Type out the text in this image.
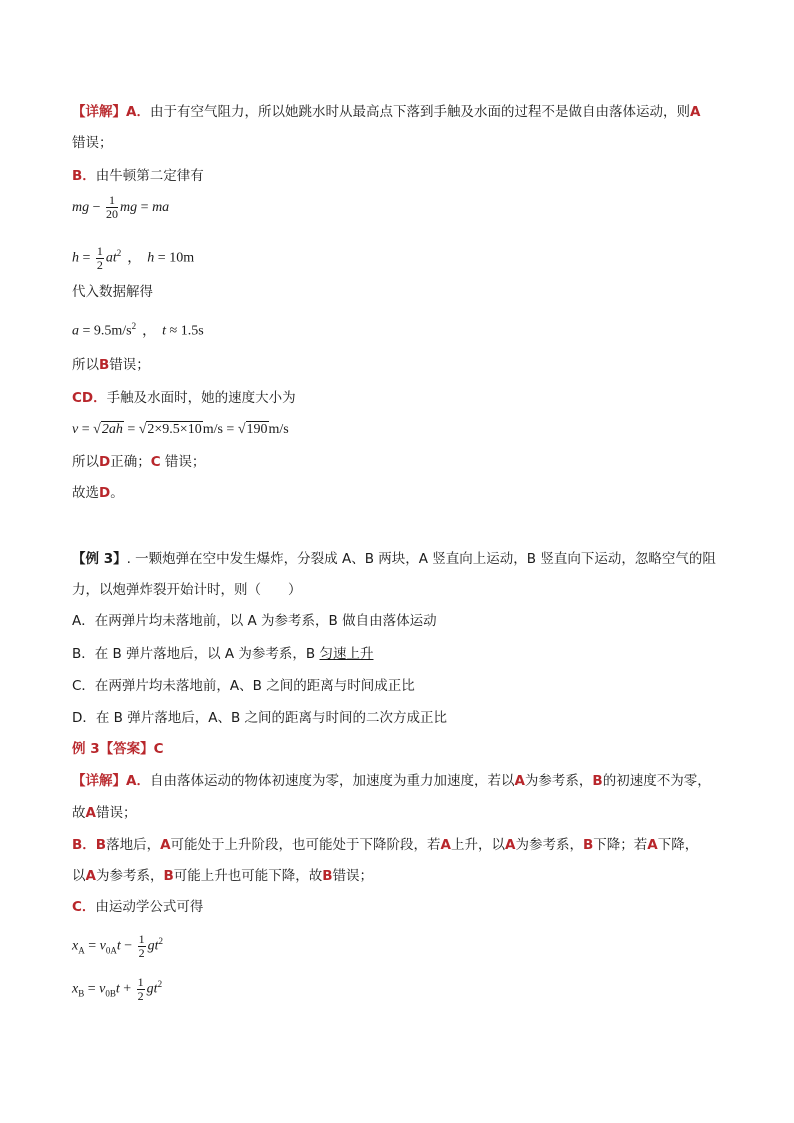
【详解】A．由于有空气阻力，所以她跳水时从最高点下落到手触及水面的过程不是做自由落体运动，则A
错误；
B．由牛顿第二定律有
mg − $\frac{1}{20}$ mg = ma
$h = \frac{1}{2} at^2$ ， h = 10m
代入数据解得
$a = 9.5m/s^2$ ， t ≈ 1.5s
所以B错误；
CD．手触及水面时，她的速度大小为
v = √2ah = √2×9.5×10m/s = √190m/s
所以D正确；C 错误；
故选D。
【例 3】. 一颗炮弹在空中发生爆炸，分裂成 A、B 两块，A 竖直向上运动，B 竖直向下运动，忽略空气的阻
力，以炮弹炸裂开始计时，则（　　）
A．在两弹片均未落地前，以 A 为参考系，B 做自由落体运动
B．在 B 弹片落地后，以 A 为参考系，B 匀速上升
C．在两弹片均未落地前，A、B 之间的距离与时间成正比
D．在 B 弹片落地后，A、B 之间的距离与时间的二次方成正比
例 3【答案】C
【详解】A．自由落体运动的物体初速度为零，加速度为重力加速度，若以A为参考系，B的初速度不为零，
故A错误；
B．B落地后，A可能处于上升阶段，也可能处于下降阶段，若A上升，以A为参考系，B下降；若A下降，
以A为参考系，B可能上升也可能下降，故B错误；
C．由运动学公式可得
$x_A = v_{0A}t - \frac{1}{2} gt^2$
$x_B = v_{0B}t + \frac{1}{2} gt^2$
